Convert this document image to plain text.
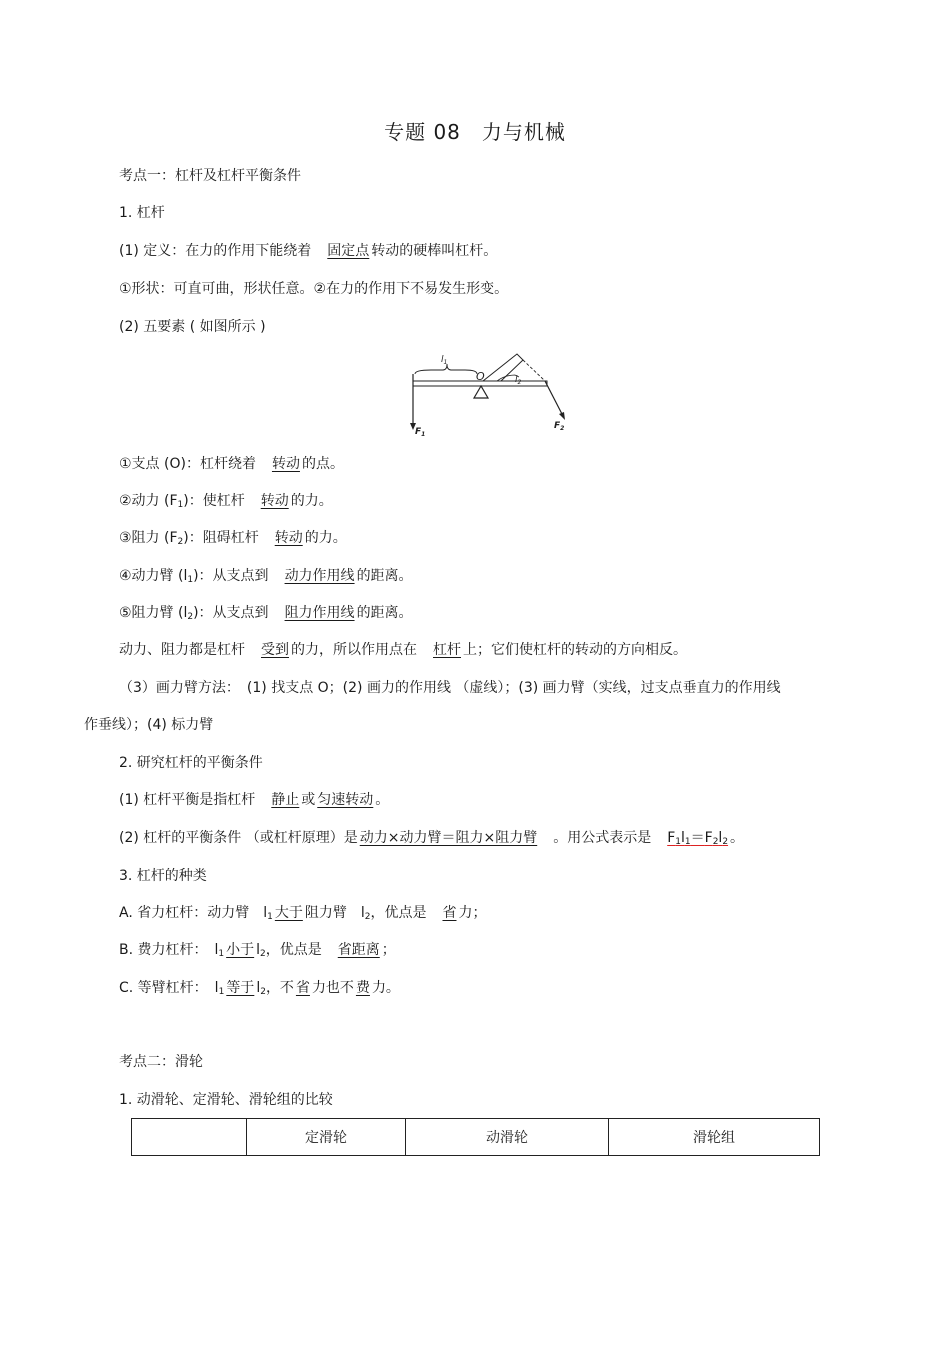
专题 08　力与机械
考点一：杠杆及杠杆平衡条件
1. 杠杆
(1) 定义：在力的作用下能绕着　 固定点 转动的硬棒叫杠杆。
①形状：可直可曲，形状任意。②在力的作用下不易发生形变。
(2) 五要素 ( 如图所示 )
$l_1$
$l_2$
O
$F_1$
$F_2$
①支点 (O)：杠杆绕着　 转动 的点。
②动力 $(F_1)$：使杠杆　 转动 的力。
③阻力 $(F_2)$：阻碍杠杆　 转动 的力。
④动力臂 $(l_1)$：从支点到　 动力作用线 的距离。
⑤阻力臂 $(l_2)$：从支点到　 阻力作用线 的距离。
动力、阻力都是杠杆　 受到 的力，所以作用点在　 杠杆 上；它们使杠杆的转动的方向相反。
（3）画力臂方法：　(1) 找支点 O；(2) 画力的作用线 （虚线）；(3) 画力臂（实线，过支点垂直力的作用线
作垂线）；(4) 标力臂
2. 研究杠杆的平衡条件
(1) 杠杆平衡是指杠杆　 静止 或 匀速转动 。
(2) 杠杆的平衡条件 （或杠杆原理）是 动力×动力臂＝阻力×阻力臂　 。用公式表示是　 $F_1l_1=F_2l_2$ 。
3. 杠杆的种类
A. 省力杠杆：动力臂　$l_1$ 大于 阻力臂　$l_2$，优点是　 省 力；
B. 费力杠杆：　$l_1$ 小于 $l_2$，优点是　 省距离 ；
C. 等臂杠杆：　$l_1$ 等于 $l_2$，不 省 力也不 费 力。
考点二：滑轮
1. 动滑轮、定滑轮、滑轮组的比较
	定滑轮	动滑轮	滑轮组
